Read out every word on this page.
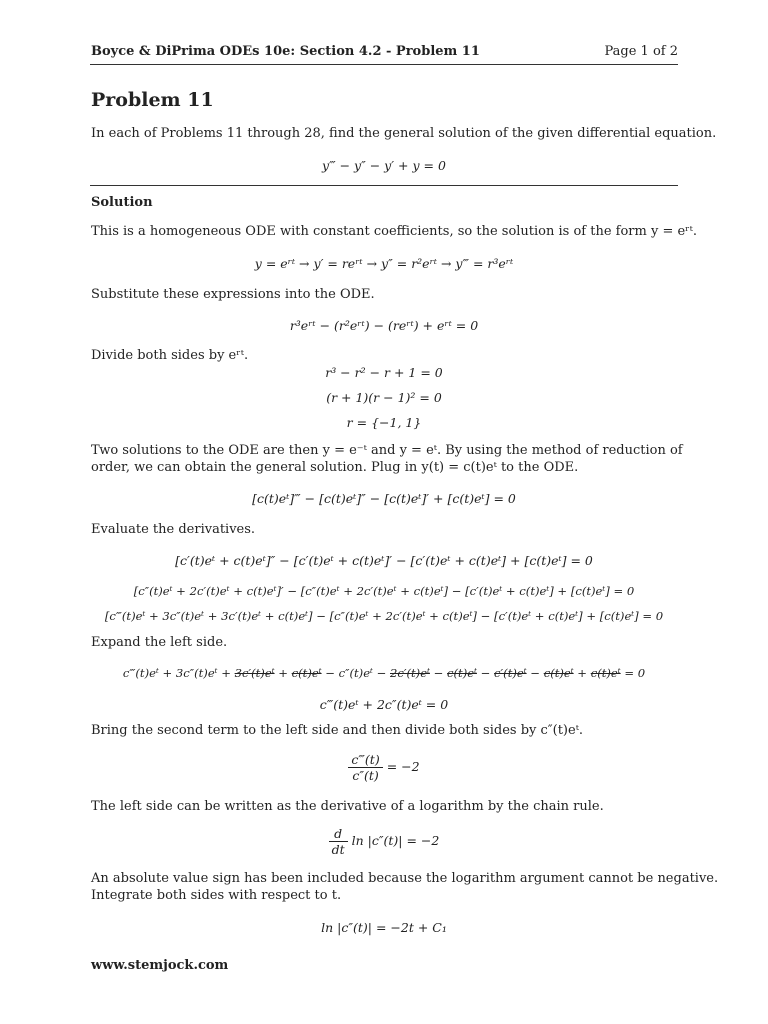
Boyce & DiPrima ODEs 10e: Section 4.2 - Problem 11	Page 1 of 2
Problem 11
In each of Problems 11 through 28, find the general solution of the given differential equation.
y‴ − y″ − y′ + y = 0
Solution
This is a homogeneous ODE with constant coefficients, so the solution is of the form y = eʳᵗ.
y = eʳᵗ → y′ = reʳᵗ → y″ = r²eʳᵗ → y‴ = r³eʳᵗ
Substitute these expressions into the ODE.
r³eʳᵗ − (r²eʳᵗ) − (reʳᵗ) + eʳᵗ = 0
Divide both sides by eʳᵗ.
r³ − r² − r + 1 = 0
(r + 1)(r − 1)² = 0
r = {−1, 1}
Two solutions to the ODE are then y = e⁻ᵗ and y = eᵗ. By using the method of reduction of
order, we can obtain the general solution. Plug in y(t) = c(t)eᵗ to the ODE.
[c(t)eᵗ]‴ − [c(t)eᵗ]″ − [c(t)eᵗ]′ + [c(t)eᵗ] = 0
Evaluate the derivatives.
[c′(t)eᵗ + c(t)eᵗ]″ − [c′(t)eᵗ + c(t)eᵗ]′ − [c′(t)eᵗ + c(t)eᵗ] + [c(t)eᵗ] = 0
[c″(t)eᵗ + 2c′(t)eᵗ + c(t)eᵗ]′ − [c″(t)eᵗ + 2c′(t)eᵗ + c(t)eᵗ] − [c′(t)eᵗ + c(t)eᵗ] + [c(t)eᵗ] = 0
[c‴(t)eᵗ + 3c″(t)eᵗ + 3c′(t)eᵗ + c(t)eᵗ] − [c″(t)eᵗ + 2c′(t)eᵗ + c(t)eᵗ] − [c′(t)eᵗ + c(t)eᵗ] + [c(t)eᵗ] = 0
Expand the left side.
c‴(t)eᵗ + 3c″(t)eᵗ + 3c′(t)eᵗ + c(t)eᵗ − c″(t)eᵗ − 2c′(t)eᵗ − c(t)eᵗ − c′(t)eᵗ − c(t)eᵗ + c(t)eᵗ = 0
c‴(t)eᵗ + 2c″(t)eᵗ = 0
Bring the second term to the left side and then divide both sides by c″(t)eᵗ.
$\frac{c‴(t)}{c''(t)} = -2$
The left side can be written as the derivative of a logarithm by the chain rule.
$\frac{d}{dt}$ ln |c″(t)| = −2
An absolute value sign has been included because the logarithm argument cannot be negative.
Integrate both sides with respect to t.
ln |c″(t)| = −2t + C₁
www.stemjock.com
